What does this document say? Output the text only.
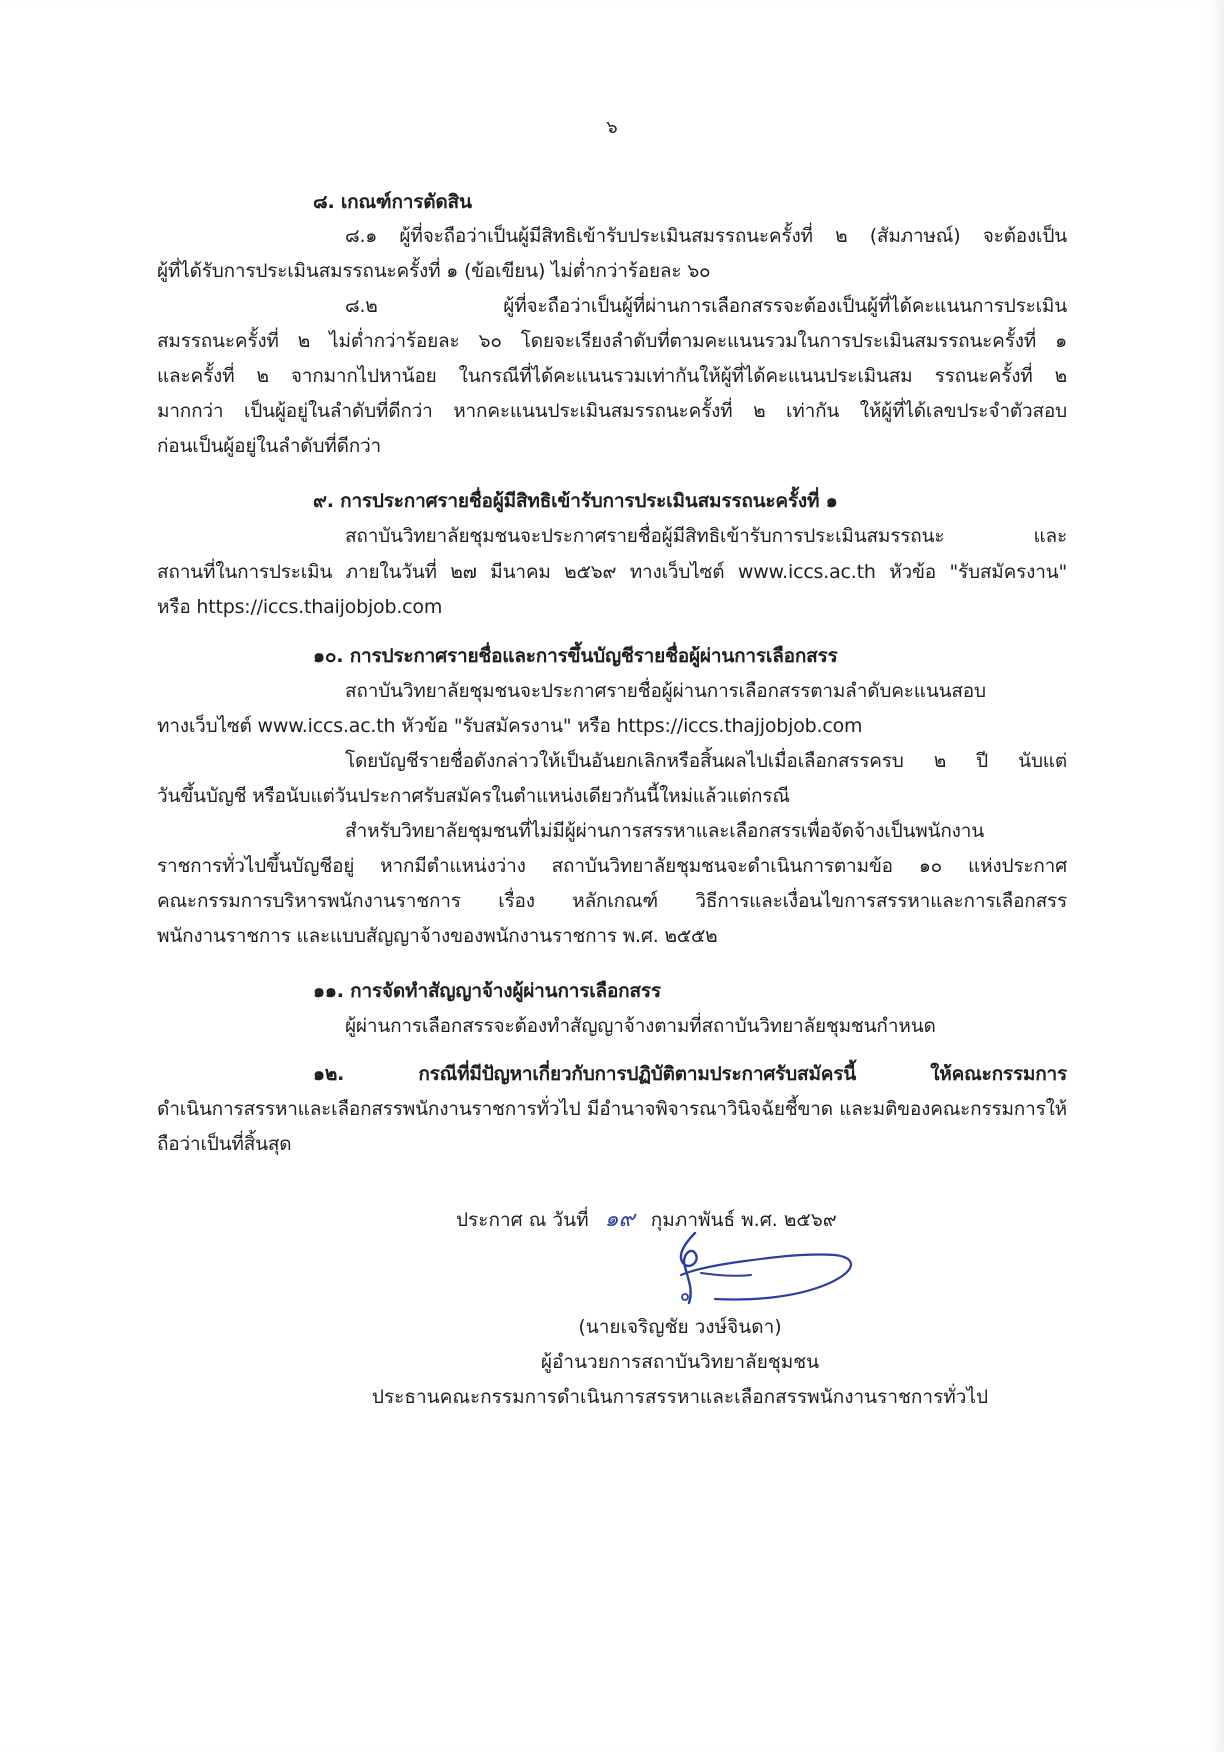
๖
๘. เกณฑ์การตัดสิน
๘.๑ ผู้ที่จะถือว่าเป็นผู้มีสิทธิเข้ารับประเมินสมรรถนะครั้งที่ ๒ (สัมภาษณ์) จะต้องเป็น
ผู้ที่ได้รับการประเมินสมรรถนะครั้งที่ ๑ (ข้อเขียน) ไม่ต่ำกว่าร้อยละ ๖๐
๘.๒ ผู้ที่จะถือว่าเป็นผู้ที่ผ่านการเลือกสรรจะต้องเป็นผู้ที่ได้คะแนนการประเมิน
สมรรถนะครั้งที่ ๒ ไม่ต่ำกว่าร้อยละ ๖๐ โดยจะเรียงลำดับที่ตามคะแนนรวมในการประเมินสมรรถนะครั้งที่ ๑
และครั้งที่ ๒ จากมากไปหาน้อย ในกรณีที่ได้คะแนนรวมเท่ากันให้ผู้ที่ได้คะแนนประเมินสม รรถนะครั้งที่ ๒
มากกว่า เป็นผู้อยู่ในลำดับที่ดีกว่า หากคะแนนประเมินสมรรถนะครั้งที่ ๒ เท่ากัน ให้ผู้ที่ได้เลขประจำตัวสอบ
ก่อนเป็นผู้อยู่ในลำดับที่ดีกว่า
๙. การประกาศรายชื่อผู้มีสิทธิเข้ารับการประเมินสมรรถนะครั้งที่ ๑
สถาบันวิทยาลัยชุมชนจะประกาศรายชื่อผู้มีสิทธิเข้ารับการประเมินสมรรถนะ และ
สถานที่ในการประเมิน ภายในวันที่ ๒๗ มีนาคม ๒๕๖๙ ทางเว็บไซต์ www.iccs.ac.th หัวข้อ "รับสมัครงาน"
หรือ https://iccs.thaijobjob.com
๑๐. การประกาศรายชื่อและการขึ้นบัญชีรายชื่อผู้ผ่านการเลือกสรร
สถาบันวิทยาลัยชุมชนจะประกาศรายชื่อผู้ผ่านการเลือกสรรตามลำดับคะแนนสอบ
ทางเว็บไซต์ www.iccs.ac.th หัวข้อ "รับสมัครงาน" หรือ https://iccs.thajjobjob.com
โดยบัญชีรายชื่อดังกล่าวให้เป็นอันยกเลิกหรือสิ้นผลไปเมื่อเลือกสรรครบ ๒ ปี นับแต่
วันขึ้นบัญชี หรือนับแต่วันประกาศรับสมัครในตำแหน่งเดียวกันนี้ใหม่แล้วแต่กรณี
สำหรับวิทยาลัยชุมชนที่ไม่มีผู้ผ่านการสรรหาและเลือกสรรเพื่อจัดจ้างเป็นพนักงาน
ราชการทั่วไปขึ้นบัญชีอยู่ หากมีตำแหน่งว่าง สถาบันวิทยาลัยชุมชนจะดำเนินการตามข้อ ๑๐ แห่งประกาศ
คณะกรรมการบริหารพนักงานราชการ เรื่อง หลักเกณฑ์ วิธีการและเงื่อนไขการสรรหาและการเลือกสรร
พนักงานราชการ และแบบสัญญาจ้างของพนักงานราชการ พ.ศ. ๒๕๕๒
๑๑. การจัดทำสัญญาจ้างผู้ผ่านการเลือกสรร
ผู้ผ่านการเลือกสรรจะต้องทำสัญญาจ้างตามที่สถาบันวิทยาลัยชุมชนกำหนด
๑๒. กรณีที่มีปัญหาเกี่ยวกับการปฏิบัติตามประกาศรับสมัครนี้ ให้คณะกรรมการ
ดำเนินการสรรหาและเลือกสรรพนักงานราชการทั่วไป มีอำนาจพิจารณาวินิจฉัยชี้ขาด และมติของคณะกรรมการให้
ถือว่าเป็นที่สิ้นสุด
ประกาศ ณ วันที่ ๑๙ กุมภาพันธ์ พ.ศ. ๒๕๖๙
(นายเจริญชัย วงษ์จินดา)
ผู้อำนวยการสถาบันวิทยาลัยชุมชน
ประธานคณะกรรมการดำเนินการสรรหาและเลือกสรรพนักงานราชการทั่วไป
